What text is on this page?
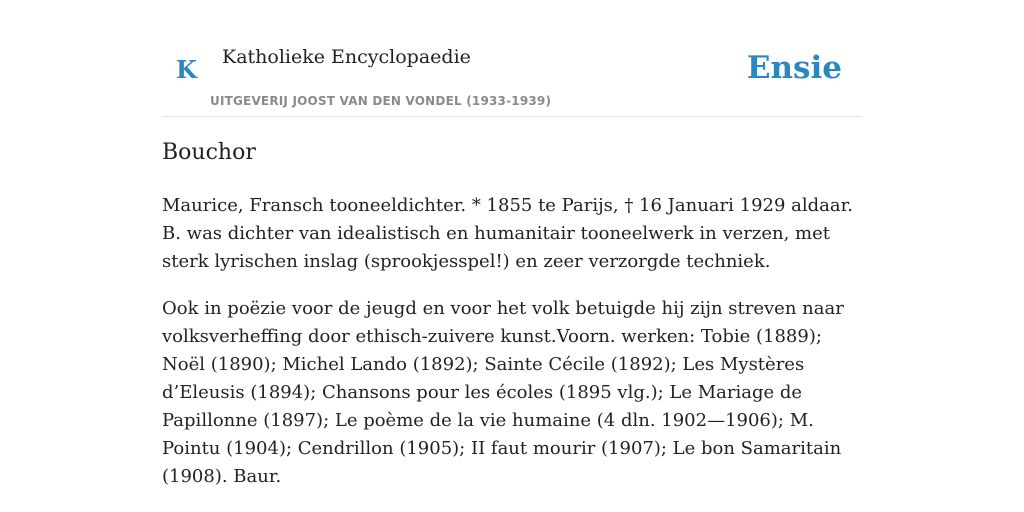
K Katholieke Encyclopaedie
UITGEVERIJ JOOST VAN DEN VONDEL (1933-1939)
Ensie
Bouchor

Maurice, Fransch tooneeldichter. * 1855 te Parijs, † 16 Januari 1929 aldaar. B. was dichter van idealistisch en humanitair tooneelwerk in verzen, met sterk lyrischen inslag (sprookjesspel!) en zeer verzorgde techniek.

Ook in poëzie voor de jeugd en voor het volk betuigde hij zijn streven naar volksverheffing door ethisch-zuivere kunst.Voorn. werken: Tobie (1889); Noël (1890); Michel Lando (1892); Sainte Cécile (1892); Les Mystères d’Eleusis (1894); Chansons pour les écoles (1895 vlg.); Le Mariage de Papillonne (1897); Le poème de la vie humaine (4 dln. 1902—1906); M. Pointu (1904); Cendrillon (1905); II faut mourir (1907); Le bon Samaritain (1908). Baur.
